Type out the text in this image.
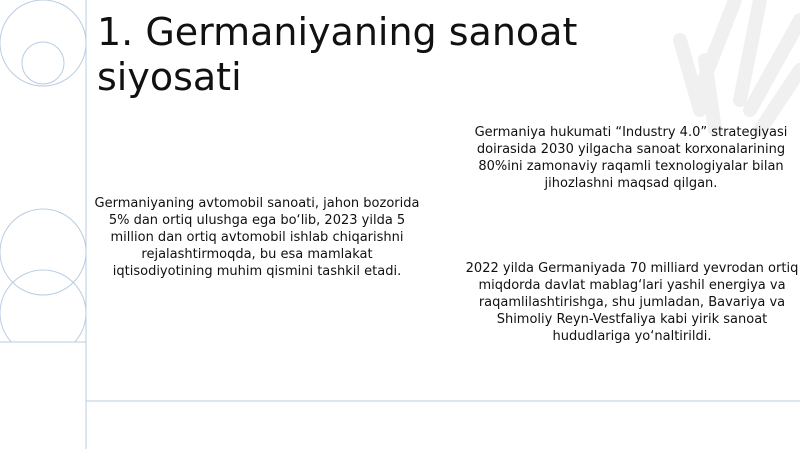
1. Germaniyaning sanoat siyosati

Germaniyaning avtomobil sanoati, jahon bozorida 5% dan ortiq ulushga ega bo‘lib, 2023 yilda 5 million dan ortiq avtomobil ishlab chiqarishni rejalashtirmoqda, bu esa mamlakat iqtisodiyotining muhim qismini tashkil etadi.

Germaniya hukumati “Industry 4.0” strategiyasi doirasida 2030 yilgacha sanoat korxonalarining 80%ini zamonaviy raqamli texnologiyalar bilan jihozlashni maqsad qilgan.

2022 yilda Germaniyada 70 milliard yevrodan ortiq miqdorda davlat mablag‘lari yashil energiya va raqamlilashtirishga, shu jumladan, Bavariya va Shimoliy Reyn-Vestfaliya kabi yirik sanoat hududlariga yo‘naltirildi.
